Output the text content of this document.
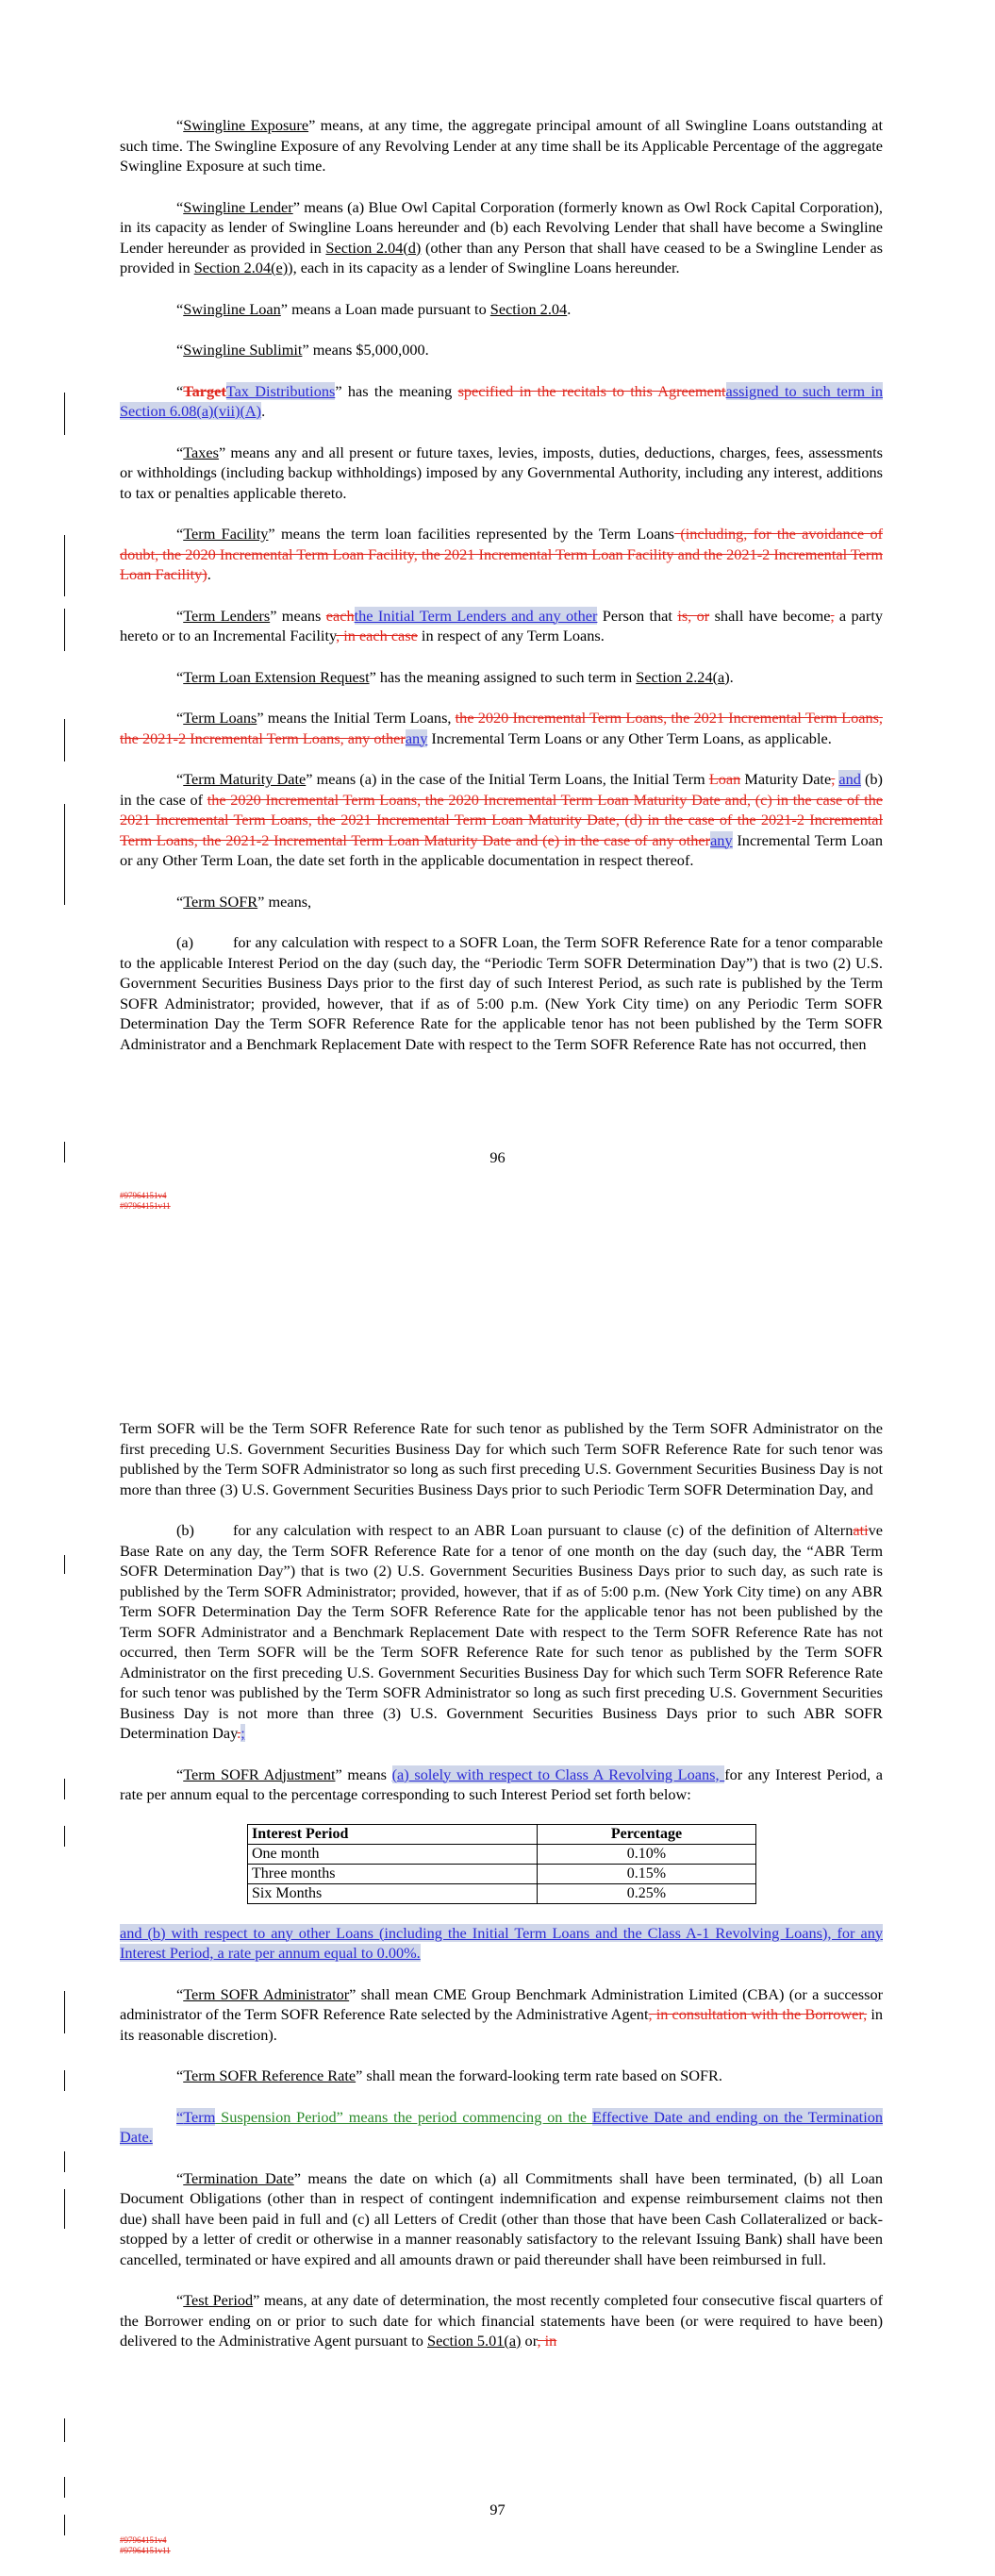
“Swingline Exposure” means, at any time, the aggregate principal amount of all Swingline Loans outstanding at such time. The Swingline Exposure of any Revolving Lender at any time shall be its Applicable Percentage of the aggregate Swingline Exposure at such time.

“Swingline Lender” means (a) Blue Owl Capital Corporation (formerly known as Owl Rock Capital Corporation), in its capacity as lender of Swingline Loans hereunder and (b) each Revolving Lender that shall have become a Swingline Lender hereunder as provided in Section 2.04(d) (other than any Person that shall have ceased to be a Swingline Lender as provided in Section 2.04(e)), each in its capacity as a lender of Swingline Loans hereunder.

“Swingline Loan” means a Loan made pursuant to Section 2.04.

“Swingline Sublimit” means $5,000,000.

“TargetTax Distributions” has the meaning specified in the recitals to this Agreementassigned to such term in Section 6.08(a)(vii)(A).

“Taxes” means any and all present or future taxes, levies, imposts, duties, deductions, charges, fees, assessments or withholdings (including backup withholdings) imposed by any Governmental Authority, including any interest, additions to tax or penalties applicable thereto.

“Term Facility” means the term loan facilities represented by the Term Loans (including, for the avoidance of doubt, the 2020 Incremental Term Loan Facility, the 2021 Incremental Term Loan Facility and the 2021-2 Incremental Term Loan Facility).

“Term Lenders” means eachthe Initial Term Lenders and any other Person that is, or shall have become, a party hereto or to an Incremental Facility, in each case in respect of any Term Loans.

“Term Loan Extension Request” has the meaning assigned to such term in Section 2.24(a).

“Term Loans” means the Initial Term Loans, the 2020 Incremental Term Loans, the 2021 Incremental Term Loans, the 2021-2 Incremental Term Loans, any otherany Incremental Term Loans or any Other Term Loans, as applicable.

“Term Maturity Date” means (a) in the case of the Initial Term Loans, the Initial Term Loan Maturity Date, and (b) in the case of the 2020 Incremental Term Loans, the 2020 Incremental Term Loan Maturity Date and, (c) in the case of the 2021 Incremental Term Loans, the 2021 Incremental Term Loan Maturity Date, (d) in the case of the 2021-2 Incremental Term Loans, the 2021-2 Incremental Term Loan Maturity Date and (e) in the case of any otherany Incremental Term Loan or any Other Term Loan, the date set forth in the applicable documentation in respect thereof.

“Term SOFR” means,

(a)	for any calculation with respect to a SOFR Loan, the Term SOFR Reference Rate for a tenor comparable to the applicable Interest Period on the day (such day, the “Periodic Term SOFR Determination Day”) that is two (2) U.S. Government Securities Business Days prior to the first day of such Interest Period, as such rate is published by the Term SOFR Administrator; provided, however, that if as of 5:00 p.m. (New York City time) on any Periodic Term SOFR Determination Day the Term SOFR Reference Rate for the applicable tenor has not been published by the Term SOFR Administrator and a Benchmark Replacement Date with respect to the Term SOFR Reference Rate has not occurred, then

96
#97964151v4
#97964151v11

Term SOFR will be the Term SOFR Reference Rate for such tenor as published by the Term SOFR Administrator on the first preceding U.S. Government Securities Business Day for which such Term SOFR Reference Rate for such tenor was published by the Term SOFR Administrator so long as such first preceding U.S. Government Securities Business Day is not more than three (3) U.S. Government Securities Business Days prior to such Periodic Term SOFR Determination Day, and

(b)	for any calculation with respect to an ABR Loan pursuant to clause (c) of the definition of Alternative Base Rate on any day, the Term SOFR Reference Rate for a tenor of one month on the day (such day, the “ABR Term SOFR Determination Day”) that is two (2) U.S. Government Securities Business Days prior to such day, as such rate is published by the Term SOFR Administrator; provided, however, that if as of 5:00 p.m. (New York City time) on any ABR Term SOFR Determination Day the Term SOFR Reference Rate for the applicable tenor has not been published by the Term SOFR Administrator and a Benchmark Replacement Date with respect to the Term SOFR Reference Rate has not occurred, then Term SOFR will be the Term SOFR Reference Rate for such tenor as published by the Term SOFR Administrator on the first preceding U.S. Government Securities Business Day for which such Term SOFR Reference Rate for such tenor was published by the Term SOFR Administrator so long as such first preceding U.S. Government Securities Business Day is not more than three (3) U.S. Government Securities Business Days prior to such ABR SOFR Determination Day.;

“Term SOFR Adjustment” means (a) solely with respect to Class A Revolving Loans, for any Interest Period, a rate per annum equal to the percentage corresponding to such Interest Period set forth below:

Interest Period	Percentage
One month	0.10%
Three months	0.15%
Six Months	0.25%

and (b) with respect to any other Loans (including the Initial Term Loans and the Class A-1 Revolving Loans), for any Interest Period, a rate per annum equal to 0.00%.

“Term SOFR Administrator” shall mean CME Group Benchmark Administration Limited (CBA) (or a successor administrator of the Term SOFR Reference Rate selected by the Administrative Agent, in consultation with the Borrower, in its reasonable discretion).

“Term SOFR Reference Rate” shall mean the forward-looking term rate based on SOFR.

“Term Suspension Period” means the period commencing on the Effective Date and ending on the Termination Date.

“Termination Date” means the date on which (a) all Commitments shall have been terminated, (b) all Loan Document Obligations (other than in respect of contingent indemnification and expense reimbursement claims not then due) shall have been paid in full and (c) all Letters of Credit (other than those that have been Cash Collateralized or back-stopped by a letter of credit or otherwise in a manner reasonably satisfactory to the relevant Issuing Bank) shall have been cancelled, terminated or have expired and all amounts drawn or paid thereunder shall have been reimbursed in full.

“Test Period” means, at any date of determination, the most recently completed four consecutive fiscal quarters of the Borrower ending on or prior to such date for which financial statements have been (or were required to have been) delivered to the Administrative Agent pursuant to Section 5.01(a) or, in

97
#97964151v4
#97964151v11
